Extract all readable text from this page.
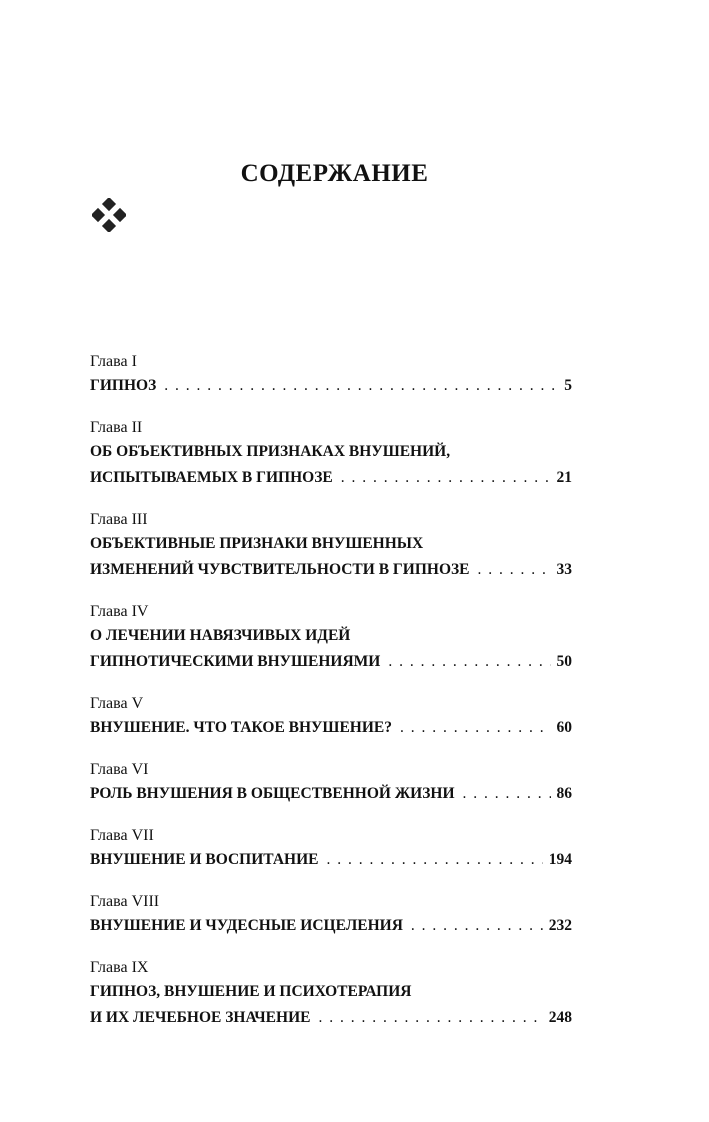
СОДЕРЖАНИЕ
Глава I
ГИПНОЗ . . .	5
Глава II
ОБ ОБЪЕКТИВНЫХ ПРИЗНАКАХ ВНУШЕНИЙ,
ИСПЫТЫВАЕМЫХ В ГИПНОЗЕ . . .	21
Глава III
ОБЪЕКТИВНЫЕ ПРИЗНАКИ ВНУШЕННЫХ
ИЗМЕНЕНИЙ ЧУВСТВИТЕЛЬНОСТИ В ГИПНОЗЕ . . .	33
Глава IV
О ЛЕЧЕНИИ НАВЯЗЧИВЫХ ИДЕЙ
ГИПНОТИЧЕСКИМИ ВНУШЕНИЯМИ . . .	50
Глава V
ВНУШЕНИЕ. ЧТО ТАКОЕ ВНУШЕНИЕ? . . .	60
Глава VI
РОЛЬ ВНУШЕНИЯ В ОБЩЕСТВЕННОЙ ЖИЗНИ . . .	86
Глава VII
ВНУШЕНИЕ И ВОСПИТАНИЕ . . .	194
Глава VIII
ВНУШЕНИЕ И ЧУДЕСНЫЕ ИСЦЕЛЕНИЯ . . .	232
Глава IX
ГИПНОЗ, ВНУШЕНИЕ И ПСИХОТЕРАПИЯ
И ИХ ЛЕЧЕБНОЕ ЗНАЧЕНИЕ . . .	248
